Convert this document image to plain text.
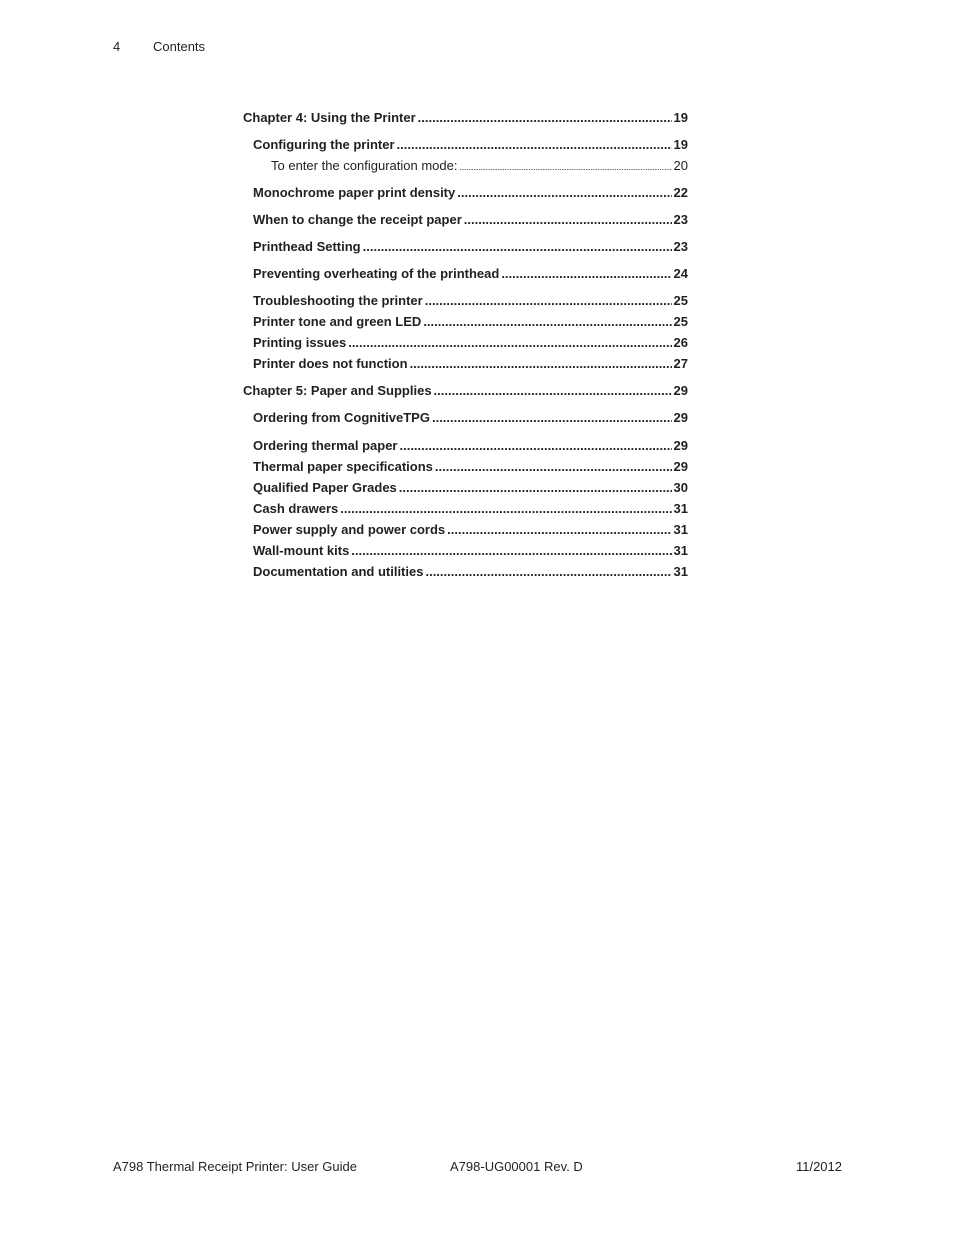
4	Contents
Chapter 4: Using the Printer .....	19
Configuring the printer .....	19
To enter the configuration mode: .....	20
Monochrome paper print density .....	22
When to change the receipt paper .....	23
Printhead Setting .....	23
Preventing overheating of the printhead .....	24
Troubleshooting the printer .....	25
Printer tone and green LED .....	25
Printing issues .....	26
Printer does not function .....	27
Chapter 5: Paper and Supplies .....	29
Ordering from CognitiveTPG .....	29
Ordering thermal paper .....	29
Thermal paper specifications .....	29
Qualified Paper Grades .....	30
Cash drawers .....	31
Power supply and power cords .....	31
Wall-mount kits .....	31
Documentation and utilities .....	31
A798 Thermal Receipt Printer: User Guide	A798-UG00001 Rev. D	11/2012
